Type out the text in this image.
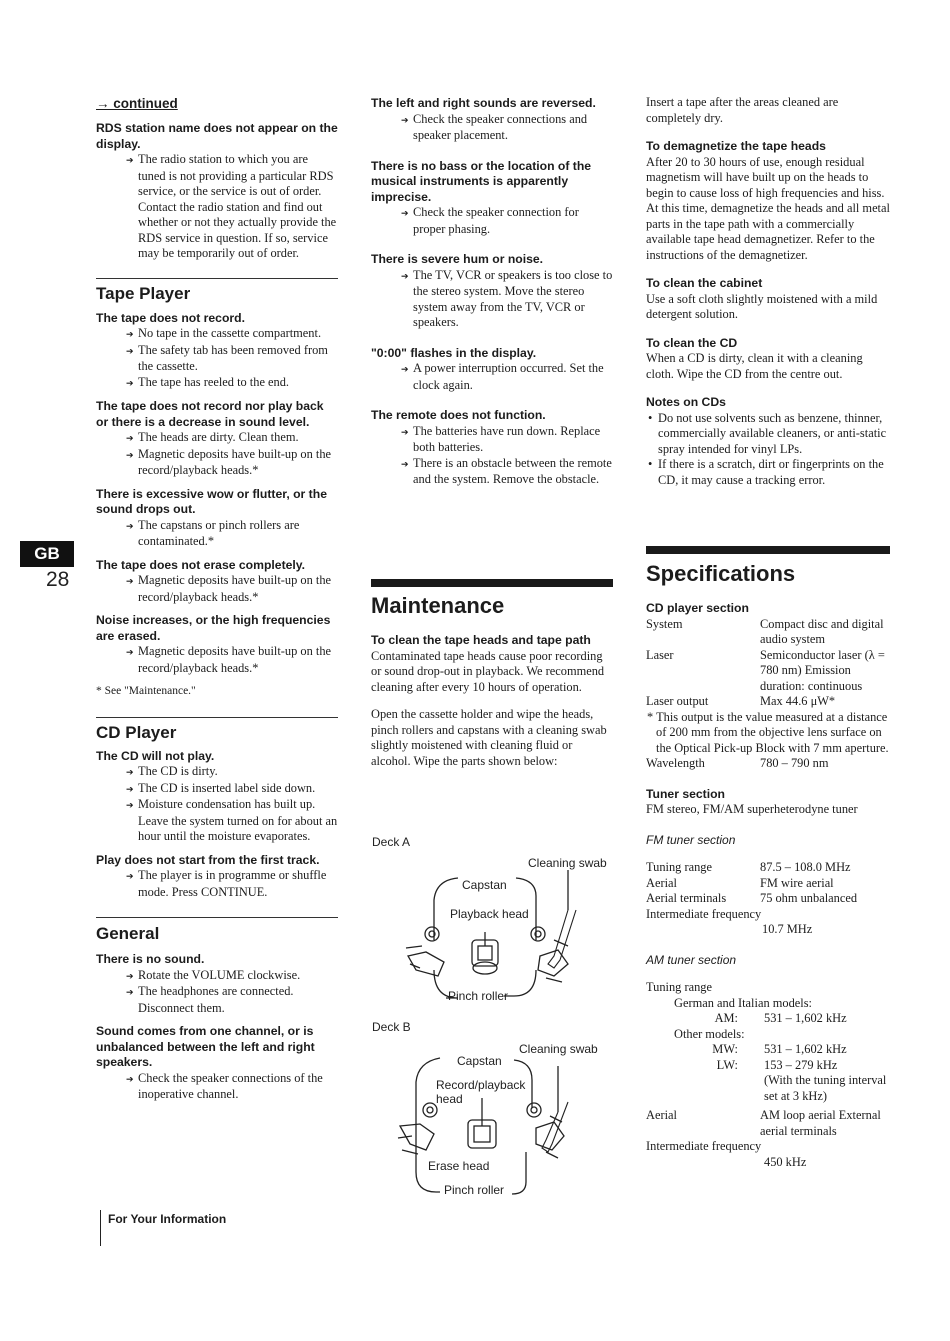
GB
28
→ continued

RDS station name does not appear on the display.

➔ The radio station to which you are tuned is not providing a particular RDS service, or the service is out of order. Contact the radio station and find out whether or not they actually provide the RDS service in question. If so, service may be temporarily out of order.
Tape Player

The tape does not record.

➔ No tape in the cassette compartment.
➔ The safety tab has been removed from the cassette.
➔ The tape has reeled to the end.

The tape does not record nor play back or there is a decrease in sound level.

➔ The heads are dirty. Clean them.
➔ Magnetic deposits have built-up on the record/playback heads.*

There is excessive wow or flutter, or the sound drops out.

➔ The capstans or pinch rollers are contaminated.*

The tape does not erase completely.

➔ Magnetic deposits have built-up on the record/playback heads.*

Noise increases, or the high frequencies are erased.

➔ Magnetic deposits have built-up on the record/playback heads.*

* See "Maintenance."

CD Player

The CD will not play.

➔ The CD is dirty.
➔ The CD is inserted label side down.
➔ Moisture condensation has built up.

Leave the system turned on for about an hour until the moisture evaporates.

Play does not start from the first track.

➔ The player is in programme or shuffle mode. Press CONTINUE.
General

There is no sound.

➔ Rotate the VOLUME clockwise.
➔ The headphones are connected. Disconnect them.

Sound comes from one channel, or is unbalanced between the left and right speakers.

➔ Check the speaker connections of the inoperative channel.
For Your Information

The left and right sounds are reversed.

➔ Check the speaker connections and speaker placement.

There is no bass or the location of the musical instruments is apparently imprecise.

➔ Check the speaker connection for proper phasing.

There is severe hum or noise.

➔ The TV, VCR or speakers is too close to the stereo system. Move the stereo system away from the TV, VCR or speakers.

"0:00" flashes in the display.

➔ A power interruption occurred. Set the clock again.

The remote does not function.

➔ The batteries have run down. Replace both batteries.
➔ There is an obstacle between the remote and the system. Remove the obstacle.
Maintenance

To clean the tape heads and tape path

Contaminated tape heads cause poor recording or sound drop-out in playback. We recommend cleaning after every 10 hours of operation.

Open the cassette holder and wipe the heads, pinch rollers and capstans with a cleaning swab slightly moistened with cleaning fluid or alcohol. Wipe the parts shown below:

Deck A
Cleaning swab
Capstan
Playback head
Pinch roller
Deck B
Cleaning swab
Capstan
Record/playback head
Erase head
Pinch roller

Insert a tape after the areas cleaned are completely dry.

To demagnetize the tape heads

After 20 to 30 hours of use, enough residual magnetism will have built up on the heads to begin to cause loss of high frequencies and hiss. At this time, demagnetize the heads and all metal parts in the tape path with a commercially available tape head demagnetizer. Refer to the instructions of the demagnetizer.

To clean the cabinet

Use a soft cloth slightly moistened with a mild detergent solution.

To clean the CD

When a CD is dirty, clean it with a cleaning cloth. Wipe the CD from the centre out.

Notes on CDs

• Do not use solvents such as benzene, thinner, commercially available cleaners, or anti-static spray intended for vinyl LPs.
• If there is a scratch, dirt or fingerprints on the CD, it may cause a tracking error.
Specifications

CD player section

System	Compact disc and digital audio system
Laser	Semiconductor laser (λ = 780 nm) Emission duration: continuous
Laser output	Max 44.6 μW*

* This output is the value measured at a distance of 200 mm from the objective lens surface on the Optical Pick-up Block with 7 mm aperture.

Wavelength	780 – 790 nm

Tuner section

FM stereo, FM/AM superheterodyne tuner

FM tuner section

Tuning range	87.5 – 108.0 MHz
Aerial	FM wire aerial
Aerial terminals	75 ohm unbalanced

Intermediate frequency

10.7 MHz

AM tuner section

Tuning range

German and Italian models:

AM:	531 – 1,602 kHz

Other models:

MW:	531 – 1,602 kHz
LW:	153 – 279 kHz

(With the tuning interval set at 3 kHz)

Aerial	AM loop aerial External aerial terminals

Intermediate frequency

450 kHz
